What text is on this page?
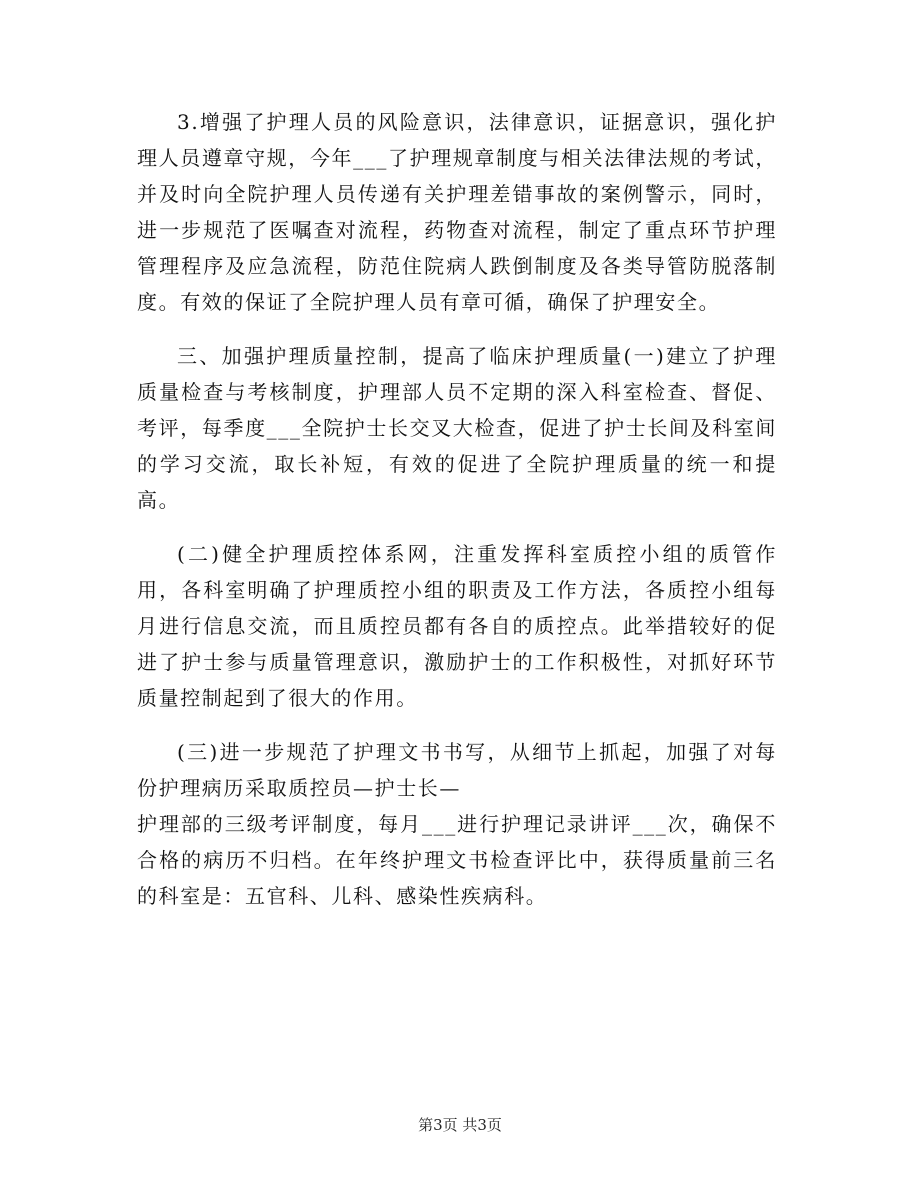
3.增强了护理人员的风险意识，法律意识，证据意识，强化护理人员遵章守规，今年___了护理规章制度与相关法律法规的考试，并及时向全院护理人员传递有关护理差错事故的案例警示，同时，进一步规范了医嘱查对流程，药物查对流程，制定了重点环节护理管理程序及应急流程，防范住院病人跌倒制度及各类导管防脱落制度。有效的保证了全院护理人员有章可循，确保了护理安全。

三、加强护理质量控制，提高了临床护理质量(一)建立了护理质量检查与考核制度，护理部人员不定期的深入科室检查、督促、考评，每季度___全院护士长交叉大检查，促进了护士长间及科室间的学习交流，取长补短，有效的促进了全院护理质量的统一和提高。

(二)健全护理质控体系网，注重发挥科室质控小组的质管作用，各科室明确了护理质控小组的职责及工作方法，各质控小组每月进行信息交流，而且质控员都有各自的质控点。此举措较好的促进了护士参与质量管理意识，激励护士的工作积极性，对抓好环节质量控制起到了很大的作用。

(三)进一步规范了护理文书书写，从细节上抓起，加强了对每份护理病历采取质控员—护士长—
护理部的三级考评制度，每月___进行护理记录讲评___次，确保不合格的病历不归档。在年终护理文书检查评比中，获得质量前三名的科室是：五官科、儿科、感染性疾病科。

第3页 共3页
